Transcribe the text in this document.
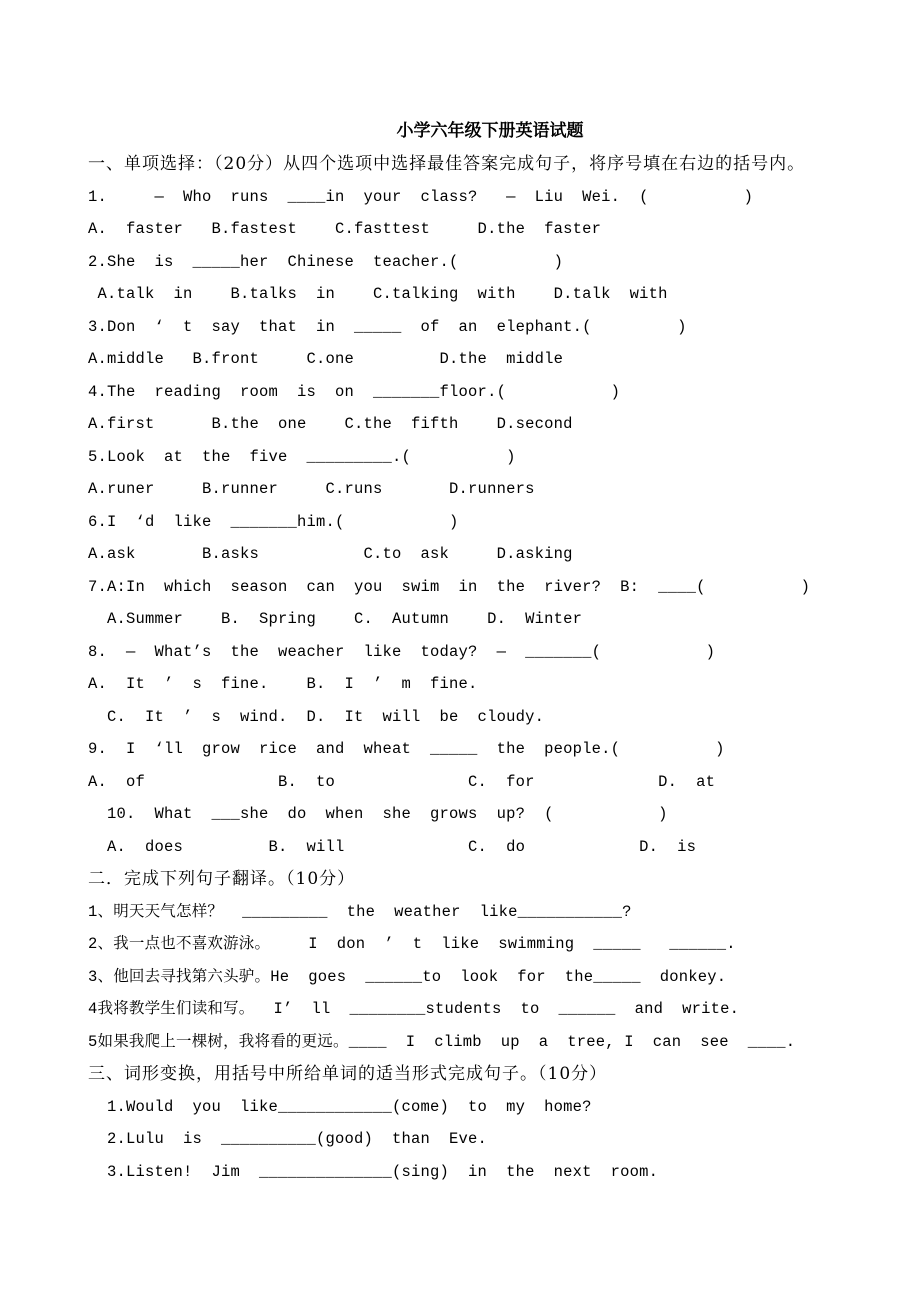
小学六年级下册英语试题
一、单项选择：（20分）从四个选项中选择最佳答案完成句子，将序号填在右边的括号内。
1.     —  Who  runs  ____in  your  class?   —  Liu  Wei.  (          )
A.  faster   B.fastest    C.fasttest     D.the  faster
2.She  is  _____her  Chinese  teacher.(          )
A.talk  in    B.talks  in    C.talking  with    D.talk  with
3.Don  ‘  t  say  that  in  _____  of  an  elephant.(         )
A.middle   B.front     C.one         D.the  middle
4.The  reading  room  is  on  _______floor.(           )
A.first      B.the  one    C.the  fifth    D.second
5.Look  at  the  five  _________.(          )
A.runer     B.runner     C.runs       D.runners
6.I  ‘d  like  _______him.(           )
A.ask       B.asks           C.to  ask     D.asking
7.A:In  which  season  can  you  swim  in  the  river?  B:  ____(          )
A.Summer    B.  Spring    C.  Autumn    D.  Winter
8.  —  What’s  the  weacher  like  today?  —  _______(           )
A.  It  ’  s  fine.    B.  I  ’  m  fine.
C.  It  ’  s  wind.  D.  It  will  be  cloudy.
9.  I  ‘ll  grow  rice  and  wheat  _____  the  people.(          )
A.  of              B.  to              C.  for             D.  at
10.  What  ___she  do  when  she  grows  up?  (           )
A.  does         B.  will             C.  do            D.  is
二．完成下列句子翻译。（10分）
1、明天天气怎样？  _________  the  weather  like___________?
2、我一点也不喜欢游泳。    I  don  ’  t  like  swimming  _____   ______.
3、他回去寻找第六头驴。He  goes  ______to  look  for  the_____  donkey.
4我将教学生们读和写。  I’  ll  ________students  to  ______  and  write.
5如果我爬上一棵树，我将看的更远。____  I  climb  up  a  tree, I  can  see  ____.
三、词形变换，用括号中所给单词的适当形式完成句子。（10分）
1.Would  you  like____________(come)  to  my  home?
2.Lulu  is  __________(good)  than  Eve.
3.Listen!  Jim  ______________(sing)  in  the  next  room.
